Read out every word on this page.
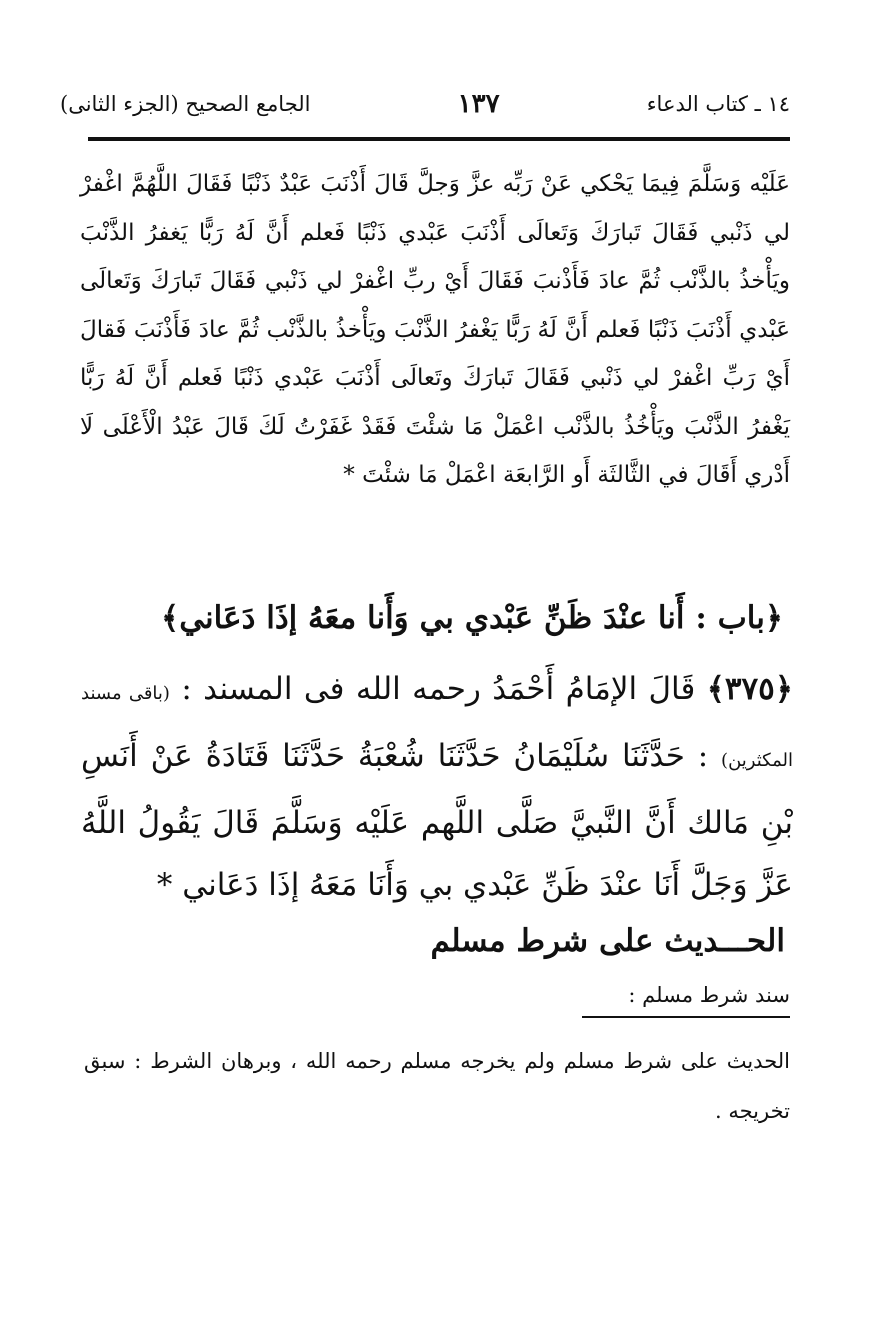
١٤ ـ كتاب الدعاء
١٣٧
الجامع الصحيح (الجزء الثانى)

عَلَيْه وَسَلَّمَ فِيمَا يَحْكي عَنْ رَبِّه عزَّ وَجلَّ قَالَ أَذْنَبَ عَبْدٌ ذَنْبًا فَقَالَ اللَّهُمَّ اغْفرْ لي ذَنْبي فَقَالَ تَبارَكَ وَتَعالَى أَذْنَبَ عَبْدي ذَنْبًا فَعلم أَنَّ لَهُ رَبًّا يَغفرُ الذَّنْبَ ويَأْخذُ بالذَّنْب ثُمَّ عادَ فَأَذْنبَ فَقَالَ أَيْ ربِّ اغْفرْ لي ذَنْبي فَقَالَ تَبارَكَ وَتَعالَى عَبْدي أَذْنَبَ ذَنْبًا فَعلم أَنَّ لَهُ رَبًّا يَغْفرُ الذَّنْبَ ويَأْخذُ بالذَّنْب ثُمَّ عادَ فَأَذْنَبَ فَقالَ أَيْ رَبِّ اغْفرْ لي ذَنْبي فَقَالَ تَبارَكَ وتَعالَى أَذْنَبَ عَبْدي ذَنْبًا فَعلم أَنَّ لَهُ رَبًّا يَغْفرُ الذَّنْبَ ويَأْخُذُ بالذَّنْب اعْمَلْ مَا شئْتَ فَقَدْ غَفَرْتُ لَكَ قَالَ عَبْدُ الْأَعْلَى لَا أَدْري أَقَالَ في الثَّالثَة أَو الرَّابعَة اعْمَلْ مَا شئْتَ *

﴿باب : أَنا عنْدَ ظَنِّ عَبْدي بي وَأَنا معَهُ إذَا دَعَاني﴾

﴿٣٧٥﴾ قَالَ الإمَامُ أَحْمَدُ رحمه الله فى المسند : (باقى مسند المكثرين) : حَدَّثَنَا سُلَيْمَانُ حَدَّثَنَا شُعْبَةُ حَدَّثَنَا قَتَادَةُ عَنْ أَنَسِ بْنِ مَالك أَنَّ النَّبيَّ صَلَّى اللَّهم عَلَيْه وَسَلَّمَ قَالَ يَقُولُ اللَّهُ عَزَّ وَجَلَّ أَنَا عنْدَ ظَنِّ عَبْدي بي وَأَنَا مَعَهُ إذَا دَعَاني *

الحـــديث على شرط مسلم

سند شرط مسلم :

الحديث على شرط مسلم ولم يخرجه مسلم رحمه الله ، وبرهان الشرط : سبق تخريجه .
